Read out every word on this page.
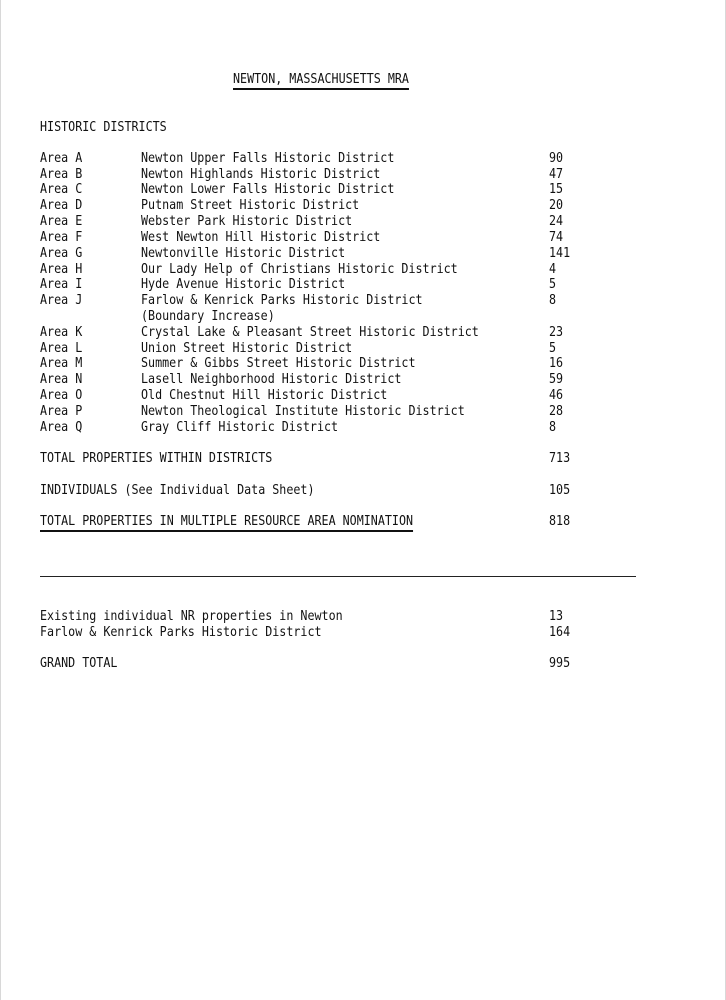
NEWTON, MASSACHUSETTS MRA
HISTORIC DISTRICTS
Area A	Newton Upper Falls Historic District	90
Area B	Newton Highlands Historic District	47
Area C	Newton Lower Falls Historic District	15
Area D	Putnam Street Historic District	20
Area E	Webster Park Historic District	24
Area F	West Newton Hill Historic District	74
Area G	Newtonville Historic District	141
Area H	Our Lady Help of Christians Historic District	4
Area I	Hyde Avenue Historic District	5
Area J	Farlow & Kenrick Parks Historic District	8
(Boundary Increase)
Area K	Crystal Lake & Pleasant Street Historic District	23
Area L	Union Street Historic District	5
Area M	Summer & Gibbs Street Historic District	16
Area N	Lasell Neighborhood Historic District	59
Area O	Old Chestnut Hill Historic District	46
Area P	Newton Theological Institute Historic District	28
Area Q	Gray Cliff Historic District	8
TOTAL PROPERTIES WITHIN DISTRICTS	713
INDIVIDUALS (See Individual Data Sheet)	105
TOTAL PROPERTIES IN MULTIPLE RESOURCE AREA NOMINATION	818
Existing individual NR properties in Newton	13
Farlow & Kenrick Parks Historic District	164
GRAND TOTAL	995
